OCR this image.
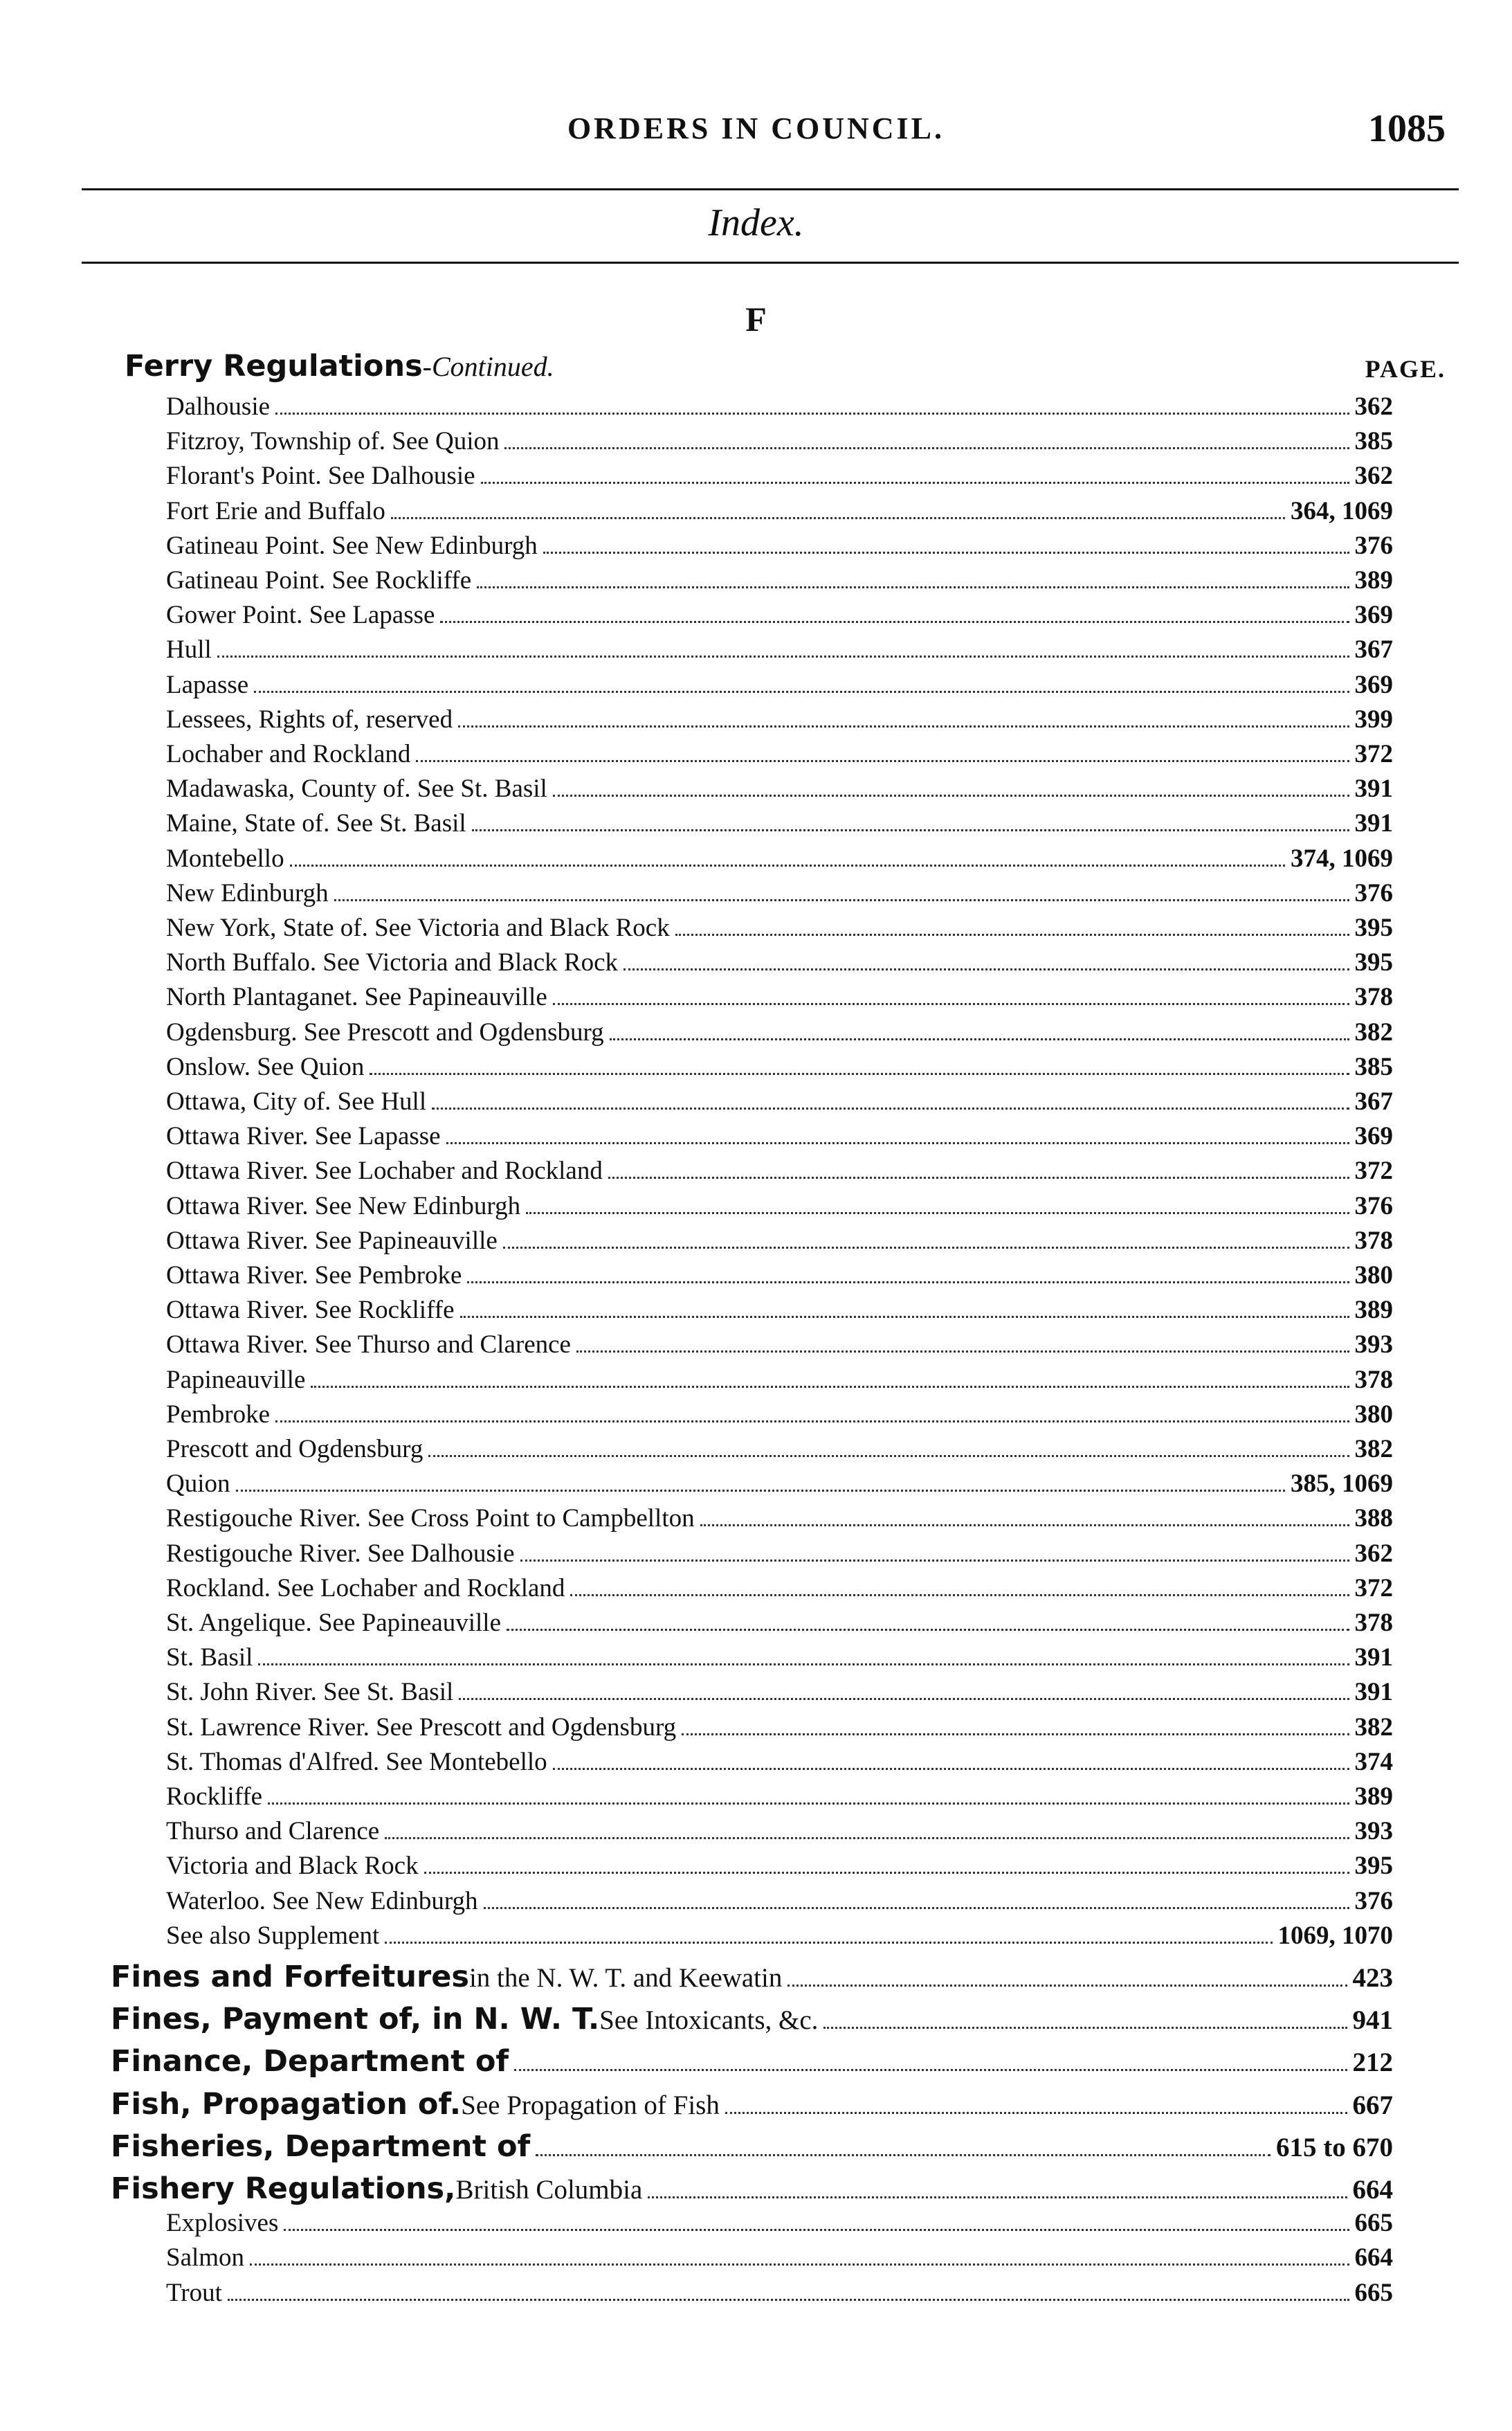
ORDERS IN COUNCIL.	1085
Index.
F
Ferry Regulations-Continued.	PAGE.
Dalhousie	362
Fitzroy, Township of. See Quion	385
Florant's Point. See Dalhousie	362
Fort Erie and Buffalo	364, 1069
Gatineau Point. See New Edinburgh	376
Gatineau Point. See Rockliffe	389
Gower Point. See Lapasse	369
Hull	367
Lapasse	369
Lessees, Rights of, reserved	399
Lochaber and Rockland	372
Madawaska, County of. See St. Basil	391
Maine, State of. See St. Basil	391
Montebello	374, 1069
New Edinburgh	376
New York, State of. See Victoria and Black Rock	395
North Buffalo. See Victoria and Black Rock	395
North Plantaganet. See Papineauville	378
Ogdensburg. See Prescott and Ogdensburg	382
Onslow. See Quion	385
Ottawa, City of. See Hull	367
Ottawa River. See Lapasse	369
Ottawa River. See Lochaber and Rockland	372
Ottawa River. See New Edinburgh	376
Ottawa River. See Papineauville	378
Ottawa River. See Pembroke	380
Ottawa River. See Rockliffe	389
Ottawa River. See Thurso and Clarence	393
Papineauville	378
Pembroke	380
Prescott and Ogdensburg	382
Quion	385, 1069
Restigouche River. See Cross Point to Campbellton	388
Restigouche River. See Dalhousie	362
Rockland. See Lochaber and Rockland	372
St. Angelique. See Papineauville	378
St. Basil	391
St. John River. See St. Basil	391
St. Lawrence River. See Prescott and Ogdensburg	382
St. Thomas d'Alfred. See Montebello	374
Rockliffe	389
Thurso and Clarence	393
Victoria and Black Rock	395
Waterloo. See New Edinburgh	376
See also Supplement	1069, 1070
Fines and Forfeitures in the N. W. T. and Keewatin	423
Fines, Payment of, in N. W. T. See Intoxicants, &c.	941
Finance, Department of	212
Fish, Propagation of. See Propagation of Fish	667
Fisheries, Department of	615 to 670
Fishery Regulations, British Columbia	664
Explosives	665
Salmon	664
Trout	665
